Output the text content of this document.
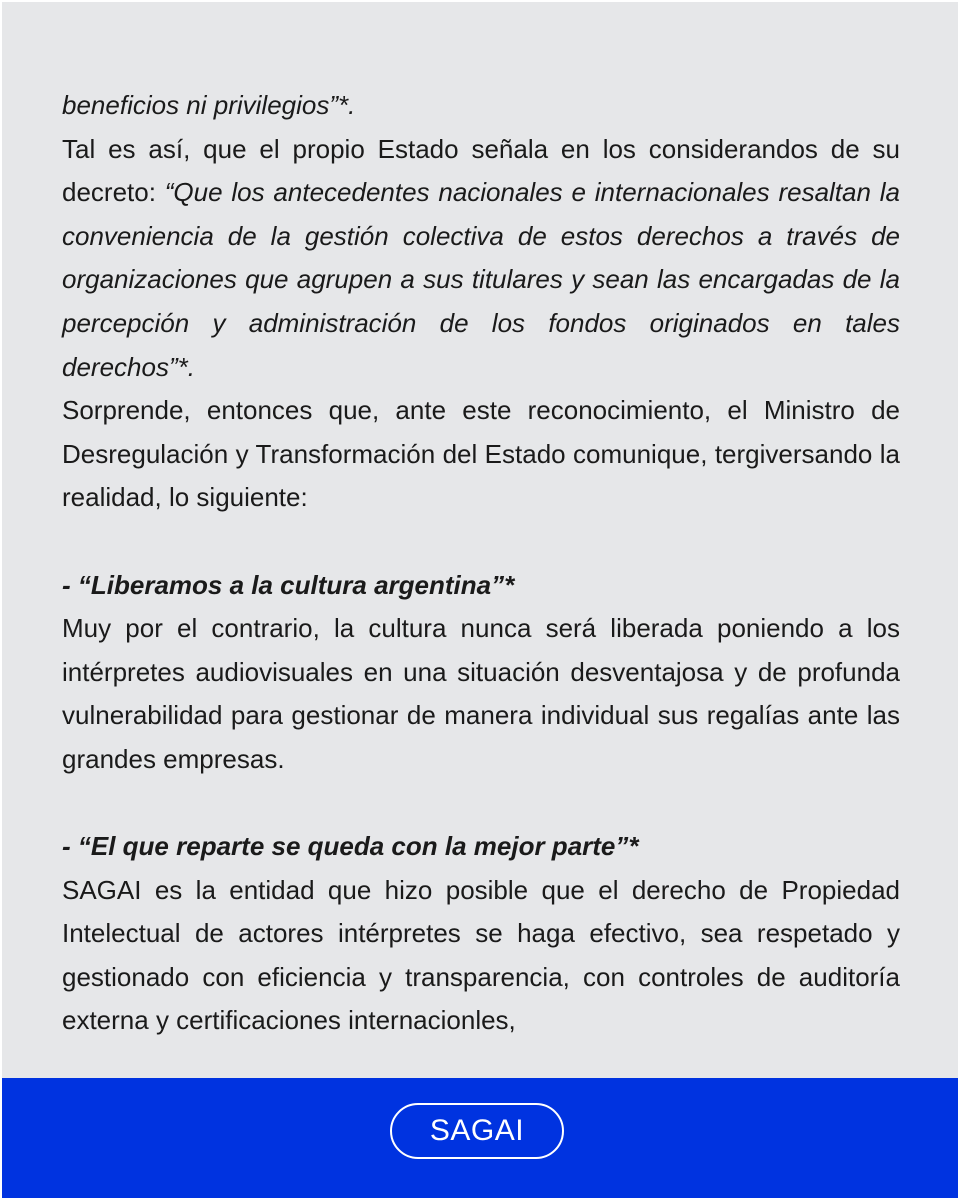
beneficios ni privilegios”*.

Tal es así, que el propio Estado señala en los considerandos de su decreto: “Que los antecedentes nacionales e internacionales resaltan la conveniencia de la gestión colectiva de estos derechos a través de organizaciones que agrupen a sus titulares y sean las encargadas de la percepción y administración de los fondos originados en tales derechos”*.

Sorprende, entonces que, ante este reconocimiento, el Ministro de Desregulación y Transformación del Estado comunique, tergiversando la realidad, lo siguiente:

- “Liberamos a la cultura argentina”*

Muy por el contrario, la cultura nunca será liberada poniendo a los intérpretes audiovisuales en una situación desventajosa y de profunda vulnerabilidad para gestionar de manera individual sus regalías ante las grandes empresas.

- “El que reparte se queda con la mejor parte”*

SAGAI es la entidad que hizo posible que el derecho de Propiedad Intelectual de actores intérpretes se haga efectivo, sea respetado y gestionado con eficiencia y transparencia, con controles de auditoría externa y certificaciones internacionles,

SAGAI
